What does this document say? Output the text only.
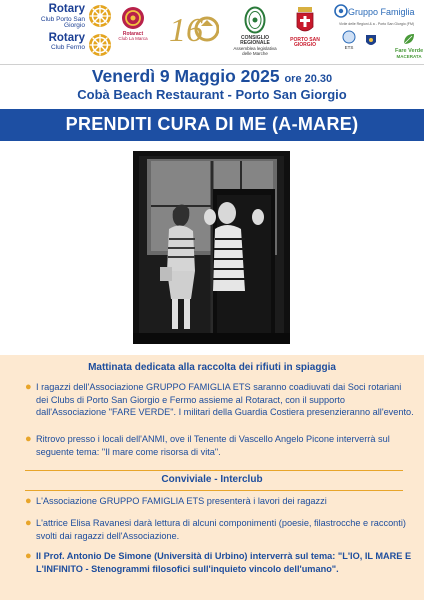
Rotary
Club Porto San Giorgio
Rotary
Club Fermo
Rotaract
Club La Marca 16	CONSIGLIO REGIONALE
Assemblea legislativa delle Marche
PORTO SAN GIORGIO
Gruppo Famiglia
Vivile delle Regioni & a - Porto San Giorgio (FM)
ETS
Fare Verde
MACERATA
Venerdì 9 Maggio 2025 ore 20.30
Cobà Beach Restaurant - Porto San Giorgio
PRENDITI CURA DI ME (A-MARE)
Mattinata dedicata alla raccolta dei rifiuti in spiaggia
● I ragazzi dell'Associazione GRUPPO FAMIGLIA ETS saranno coadiuvati dai Soci rotariani dei Clubs di Porto San Giorgio e Fermo assieme al Rotaract, con il supporto dall'Associazione "FARE VERDE". I militari della Guardia Costiera presenzieranno all'evento.
● Ritrovo presso i locali dell'ANMI, ove il Tenente di Vascello Angelo Picone interverrà sul seguente tema: "Il mare come risorsa di vita".
Conviviale - Interclub
● L'Associazione GRUPPO FAMIGLIA ETS presenterà i lavori dei ragazzi
● L'attrice Elisa Ravanesi darà lettura di alcuni componimenti (poesie, filastrocche e racconti) svolti dai ragazzi dell'Associazione.
● Il Prof. Antonio De Simone (Università di Urbino) interverrà sul tema: "L'IO, IL MARE E L'INFINITO - Stenogrammi filosofici sull'inquieto vincolo dell'umano".
